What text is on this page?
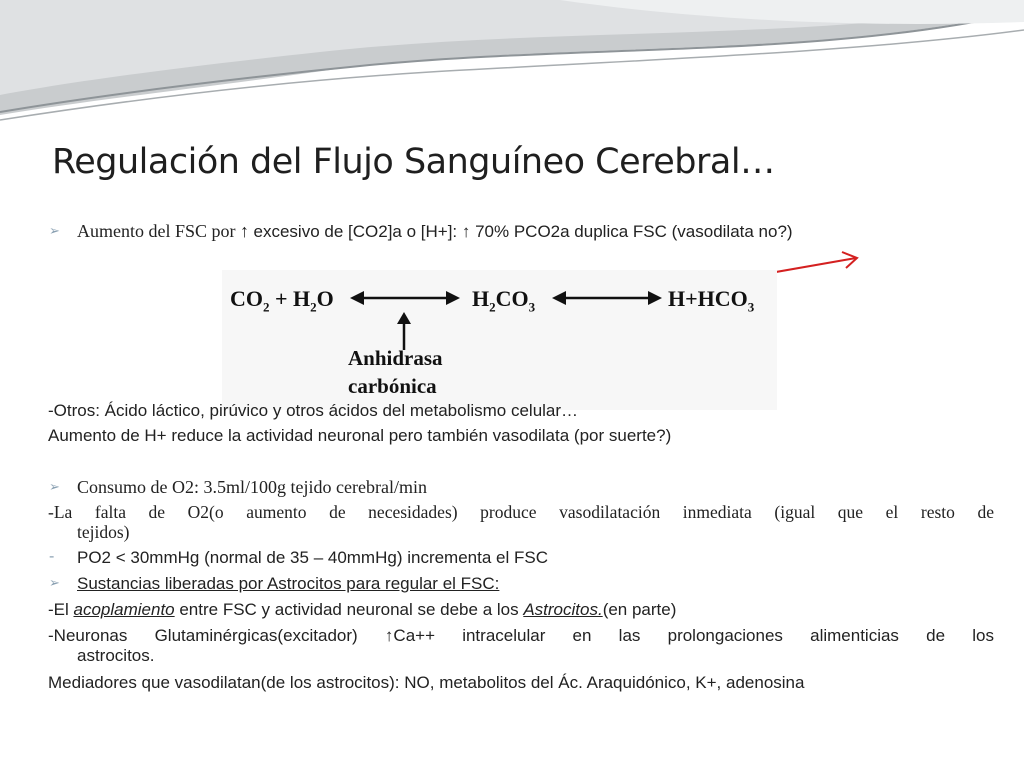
Regulación del Flujo Sanguíneo Cerebral…
➢ Aumento del FSC por ↑ excesivo de [CO2]a o [H+]: ↑ 70% PCO2a duplica FSC (vasodilata no?)
$CO_2 + H_2O$	$H_2CO_3$	$H+HCO_3$
Anhidrasa
carbónica
-Otros: Ácido láctico, pirúvico y otros ácidos del metabolismo celular…
Aumento de H+ reduce la actividad neuronal pero también vasodilata (por suerte?)
➢ Consumo de O2: 3.5ml/100g tejido cerebral/min
-La falta de O2(o aumento de necesidades) produce vasodilatación inmediata (igual que el resto de
tejidos)
- PO2 < 30mmHg (normal de 35 – 40mmHg) incrementa el FSC
➢ Sustancias liberadas por Astrocitos para regular el FSC:
-El acoplamiento entre FSC y actividad neuronal se debe a los Astrocitos.(en parte)
-Neuronas Glutaminérgicas(excitador) ↑Ca++ intracelular en las prolongaciones alimenticias de los
astrocitos.
Mediadores que vasodilatan(de los astrocitos): NO, metabolitos del Ác. Araquidónico, K+, adenosina
